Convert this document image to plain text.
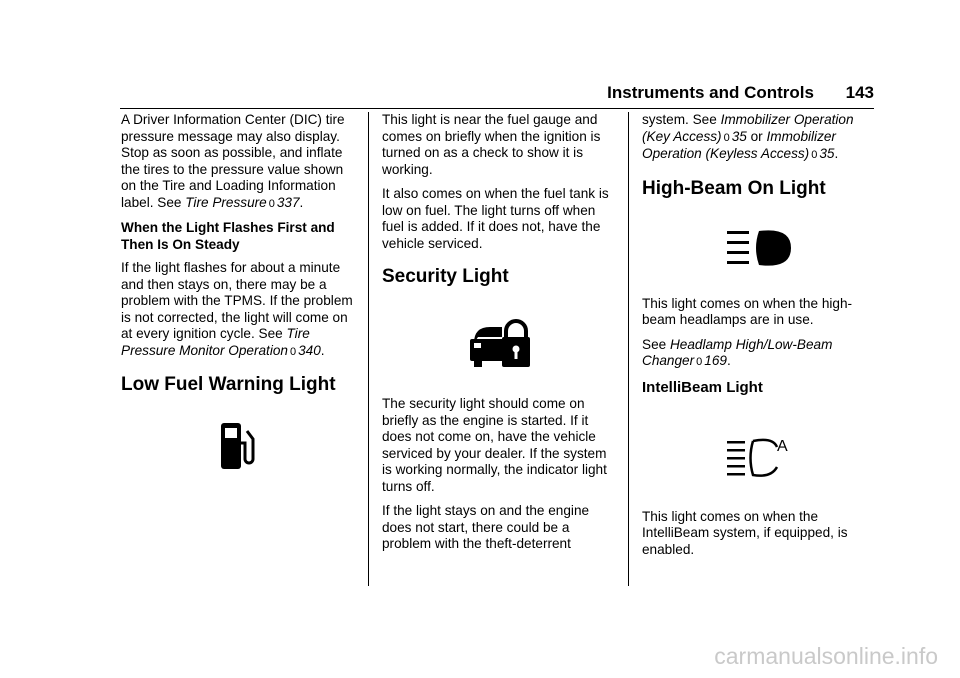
Instruments and Controls 143

A Driver Information Center (DIC) tire pressure message may also display. Stop as soon as possible, and inflate the tires to the pressure value shown on the Tire and Loading Information label. See Tire Pressure 0 337.

When the Light Flashes First and Then Is On Steady

If the light flashes for about a minute and then stays on, there may be a problem with the TPMS. If the problem is not corrected, the light will come on at every ignition cycle. See Tire Pressure Monitor Operation 0 340.

Low Fuel Warning Light

This light is near the fuel gauge and comes on briefly when the ignition is turned on as a check to show it is working.

It also comes on when the fuel tank is low on fuel. The light turns off when fuel is added. If it does not, have the vehicle serviced.

Security Light

The security light should come on briefly as the engine is started. If it does not come on, have the vehicle serviced by your dealer. If the system is working normally, the indicator light turns off.

If the light stays on and the engine does not start, there could be a problem with the theft-deterrent

system. See Immobilizer Operation (Key Access) 0 35 or Immobilizer Operation (Keyless Access) 0 35.

High-Beam On Light

This light comes on when the high-beam headlamps are in use.

See Headlamp High/Low-Beam Changer 0 169.

IntelliBeam Light
A

This light comes on when the IntelliBeam system, if equipped, is enabled.

carmanualsonline.info
